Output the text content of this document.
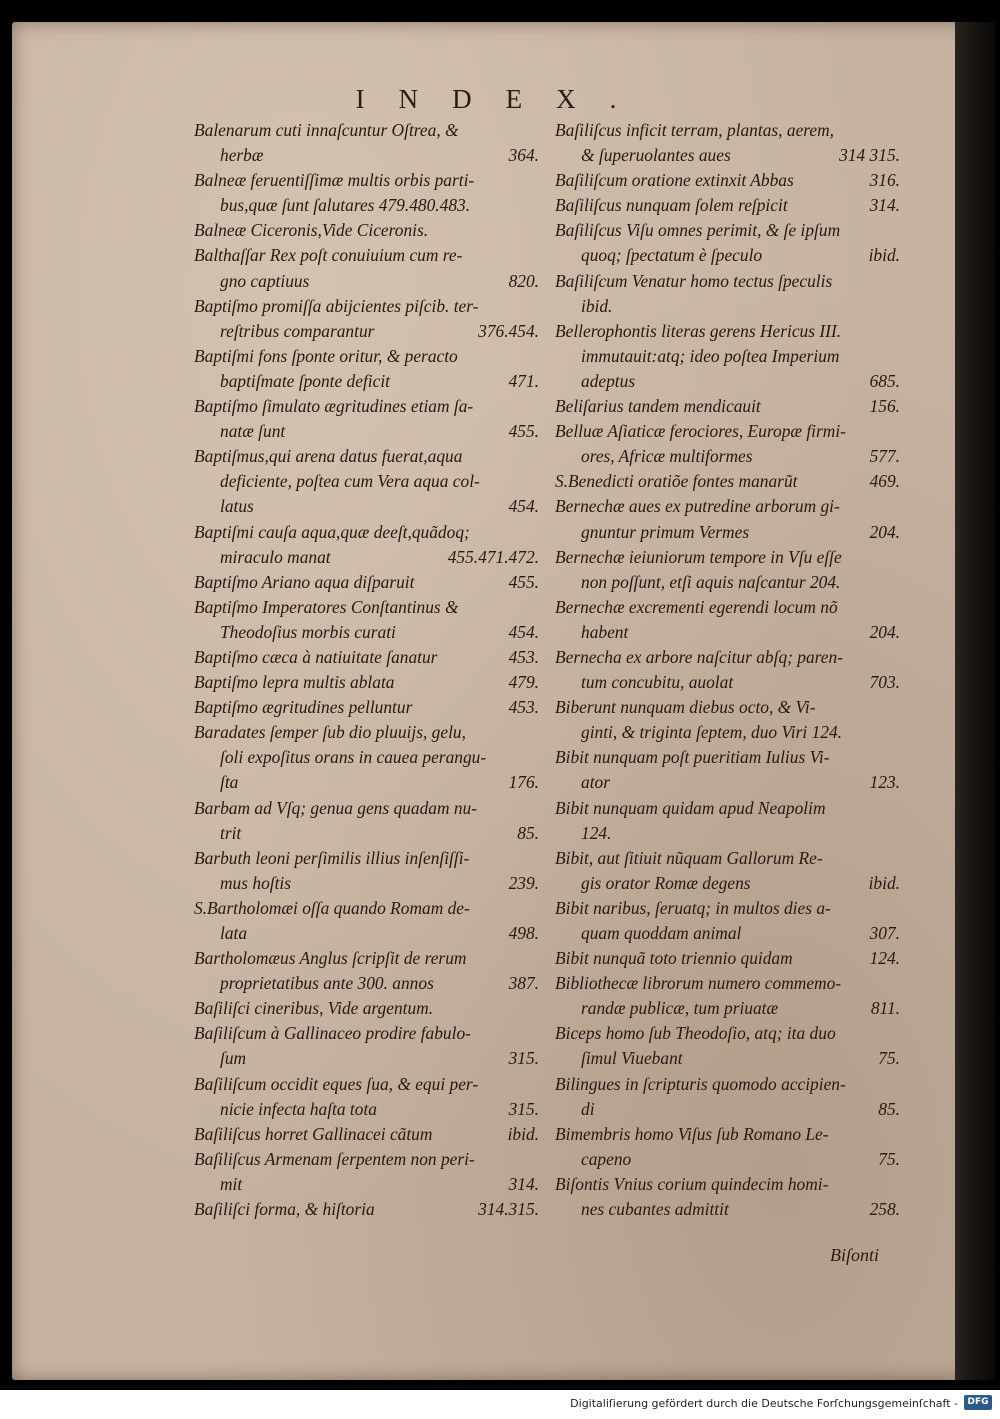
INDEX.
Balenarum cuti innaſcuntur Oſtrea, &
herbæ	364.
Balneæ feruentiſſimæ multis orbis parti-
bus,quæ ſunt ſalutares 479.480.483.
Balneæ Ciceronis,Vide Ciceronis.
Balthaſſar Rex poſt conuiuium cum re-
gno captiuus	820.
Baptiſmo promiſſa abijcientes piſcib. ter-
reſtribus comparantur	376.454.
Baptiſmi fons ſponte oritur, & peracto
baptiſmate ſponte deficit	471.
Baptiſmo ſimulato ægritudines etiam ſa-
natæ ſunt	455.
Baptiſmus,qui arena datus fuerat,aqua
deficiente, poſtea cum Vera aqua col-
latus	454.
Baptiſmi cauſa aqua,quæ deeſt,quãdoq;
miraculo manat	455.471.472.
Baptiſmo Ariano aqua diſparuit	455.
Baptiſmo Imperatores Conſtantinus &
Theodoſius morbis curati	454.
Baptiſmo cæca à natiuitate ſanatur	453.
Baptiſmo lepra multis ablata	479.
Baptiſmo ægritudines pelluntur	453.
Baradates ſemper ſub dio pluuijs, gelu,
ſoli expoſitus orans in cauea perangu-
ſta	176.
Barbam ad Vſq; genua gens quadam nu-
trit	85.
Barbuth leoni perſimilis illius inſenſiſſi-
mus hoſtis	239.
S.Bartholomæi oſſa quando Romam de-
lata	498.
Bartholomæus Anglus ſcripſit de rerum
proprietatibus ante 300. annos	387.
Baſiliſci cineribus, Vide argentum.
Baſiliſcum à Gallinaceo prodire fabulo-
ſum	315.
Baſiliſcum occidit eques ſua, & equi per-
nicie infecta haſta tota	315.
Baſiliſcus horret Gallinacei cãtum	ibid.
Baſiliſcus Armenam ſerpentem non peri-
mit	314.
Baſiliſci forma, & hiſtoria	314.315.
Baſiliſcus inficit terram, plantas, aerem,
& ſuperuolantes aues	314 315.
Baſiliſcum oratione extinxit Abbas	316.
Baſiliſcus nunquam ſolem reſpicit	314.
Baſiliſcus Viſu omnes perimit, & ſe ipſum
quoq; ſpectatum è ſpeculo	ibid.
Baſiliſcum Venatur homo tectus ſpeculis
ibid.
Bellerophontis literas gerens Hericus III.
immutauit:atq; ideo poſtea Imperium
adeptus	685.
Beliſarius tandem mendicauit	156.
Belluæ Aſiaticæ ferociores, Europæ firmi-
ores, Africæ multiformes	577.
S.Benedicti oratiõe fontes manarũt	469.
Bernechæ aues ex putredine arborum gi-
gnuntur primum Vermes	204.
Bernechæ ieiuniorum tempore in Vſu eſſe
non poſſunt, etſi aquis naſcantur 204.
Bernechæ excrementi egerendi locum nõ
habent	204.
Bernecha ex arbore naſcitur abſq; paren-
tum concubitu, auolat	703.
Biberunt nunquam diebus octo, & Vi-
ginti, & triginta ſeptem, duo Viri 124.
Bibit nunquam poſt pueritiam Iulius Vi-
ator	123.
Bibit nunquam quidam apud Neapolim
124.
Bibit, aut ſitiuit nũquam Gallorum Re-
gis orator Romæ degens	ibid.
Bibit naribus, ſeruatq; in multos dies a-
quam quoddam animal	307.
Bibit nunquã toto triennio quidam	124.
Bibliothecæ librorum numero commemo-
randæ publicæ, tum priuatæ	811.
Biceps homo ſub Theodoſio, atq; ita duo
ſimul Viuebant	75.
Bilingues in ſcripturis quomodo accipien-
di	85.
Bimembris homo Viſus ſub Romano Le-
capeno	75.
Biſontis Vnius corium quindecim homi-
nes cubantes admittit	258.
Biſonti
Digitaliſierung gefördert durch die Deutsche Forſchungsgemeinſchaft -	DFG
